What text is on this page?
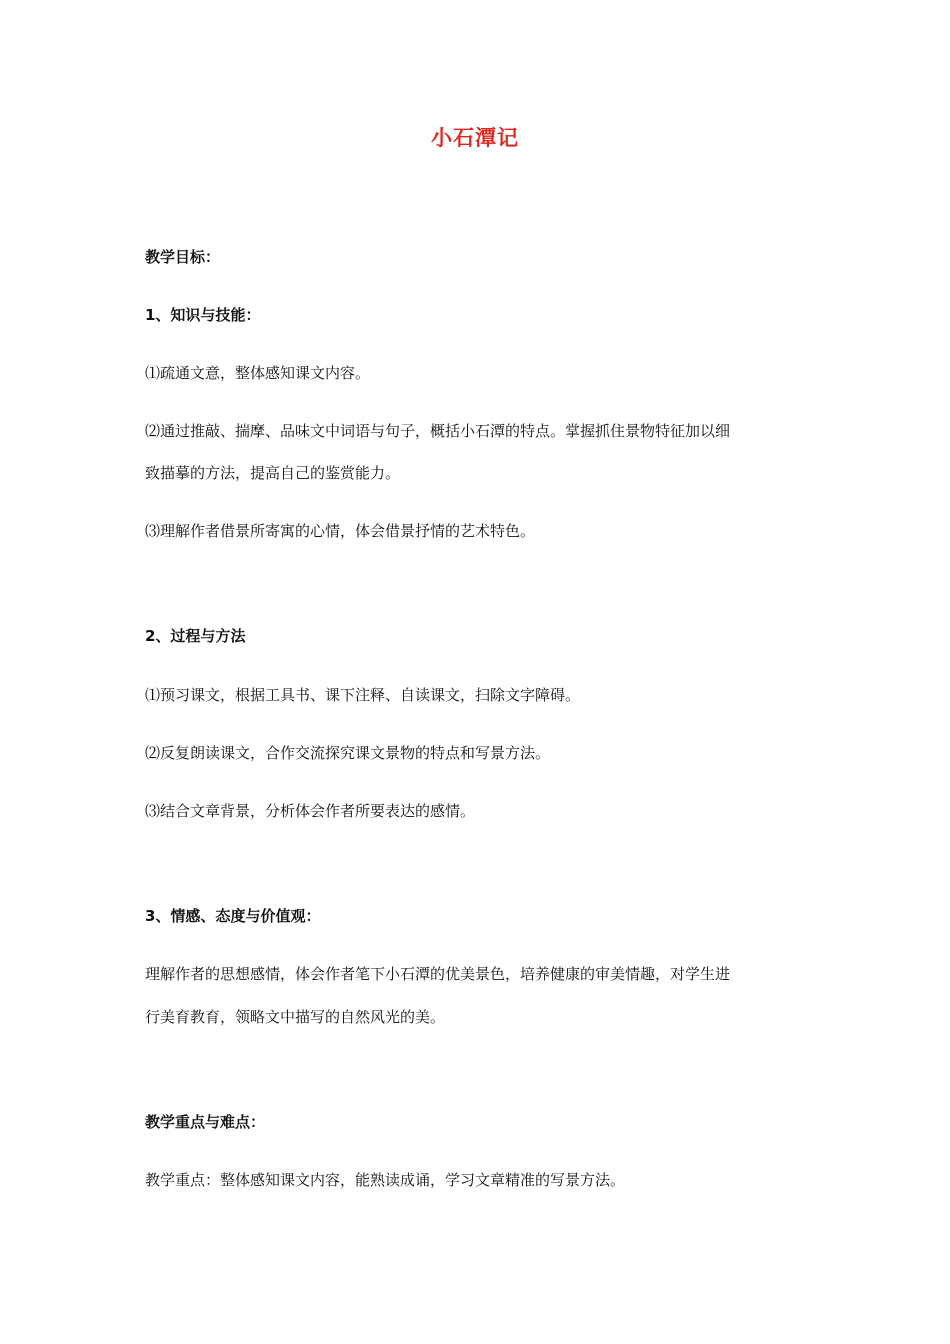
小石潭记
教学目标：
1、知识与技能：
⑴疏通文意，整体感知课文内容。
⑵通过推敲、揣摩、品味文中词语与句子，概括小石潭的特点。掌握抓住景物特征加以细
致描摹的方法，提高自己的鉴赏能力。
⑶理解作者借景所寄寓的心情，体会借景抒情的艺术特色。
2、过程与方法
⑴预习课文，根据工具书、课下注释、自读课文，扫除文字障碍。
⑵反复朗读课文，合作交流探究课文景物的特点和写景方法。
⑶结合文章背景，分析体会作者所要表达的感情。
3、情感、态度与价值观：
理解作者的思想感情，体会作者笔下小石潭的优美景色，培养健康的审美情趣，对学生进
行美育教育，领略文中描写的自然风光的美。
教学重点与难点：
教学重点：整体感知课文内容，能熟读成诵，学习文章精准的写景方法。
